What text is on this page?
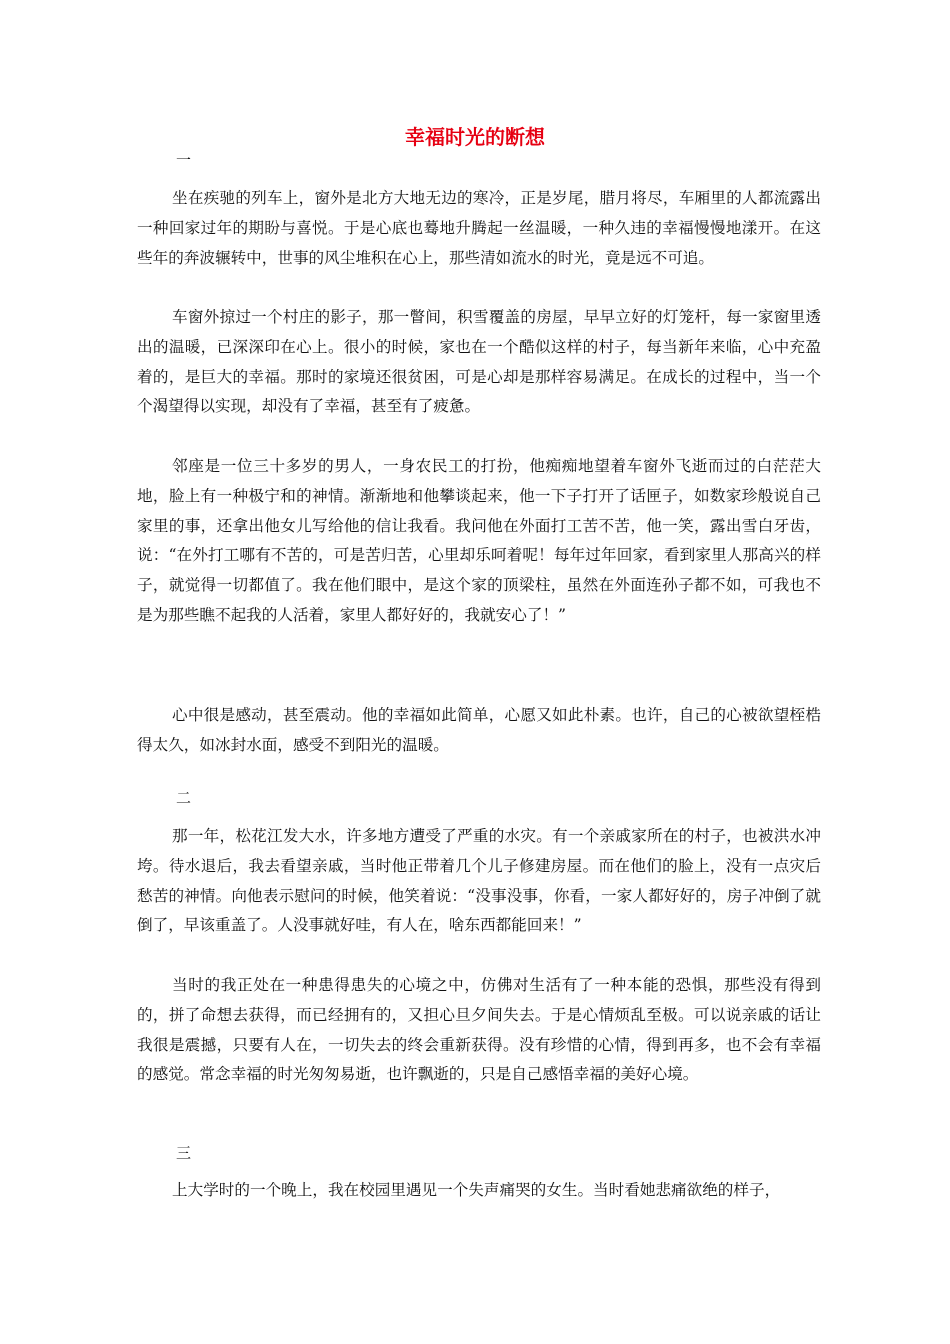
幸福时光的断想
一

坐在疾驰的列车上，窗外是北方大地无边的寒冷，正是岁尾，腊月将尽，车厢里的人都流露出一种回家过年的期盼与喜悦。于是心底也蓦地升腾起一丝温暖，一种久违的幸福慢慢地漾开。在这些年的奔波辗转中，世事的风尘堆积在心上，那些清如流水的时光，竟是远不可追。

车窗外掠过一个村庄的影子，那一瞥间，积雪覆盖的房屋，早早立好的灯笼杆，每一家窗里透出的温暖，已深深印在心上。很小的时候，家也在一个酷似这样的村子，每当新年来临，心中充盈着的，是巨大的幸福。那时的家境还很贫困，可是心却是那样容易满足。在成长的过程中，当一个个渴望得以实现，却没有了幸福，甚至有了疲惫。

邻座是一位三十多岁的男人，一身农民工的打扮，他痴痴地望着车窗外飞逝而过的白茫茫大地，脸上有一种极宁和的神情。渐渐地和他攀谈起来，他一下子打开了话匣子，如数家珍般说自己家里的事，还拿出他女儿写给他的信让我看。我问他在外面打工苦不苦，他一笑，露出雪白牙齿，说：“在外打工哪有不苦的，可是苦归苦，心里却乐呵着呢！每年过年回家，看到家里人那高兴的样子，就觉得一切都值了。我在他们眼中，是这个家的顶梁柱，虽然在外面连孙子都不如，可我也不是为那些瞧不起我的人活着，家里人都好好的，我就安心了！”

心中很是感动，甚至震动。他的幸福如此简单，心愿又如此朴素。也许，自己的心被欲望桎梏得太久，如冰封水面，感受不到阳光的温暖。

二

那一年，松花江发大水，许多地方遭受了严重的水灾。有一个亲戚家所在的村子，也被洪水冲垮。待水退后，我去看望亲戚，当时他正带着几个儿子修建房屋。而在他们的脸上，没有一点灾后愁苦的神情。向他表示慰问的时候，他笑着说：“没事没事，你看，一家人都好好的，房子冲倒了就倒了，早该重盖了。人没事就好哇，有人在，啥东西都能回来！”

当时的我正处在一种患得患失的心境之中，仿佛对生活有了一种本能的恐惧，那些没有得到的，拼了命想去获得，而已经拥有的，又担心旦夕间失去。于是心情烦乱至极。可以说亲戚的话让我很是震撼，只要有人在，一切失去的终会重新获得。没有珍惜的心情，得到再多，也不会有幸福的感觉。常念幸福的时光匆匆易逝，也许飘逝的，只是自己感悟幸福的美好心境。

三

上大学时的一个晚上，我在校园里遇见一个失声痛哭的女生。当时看她悲痛欲绝的样子，
